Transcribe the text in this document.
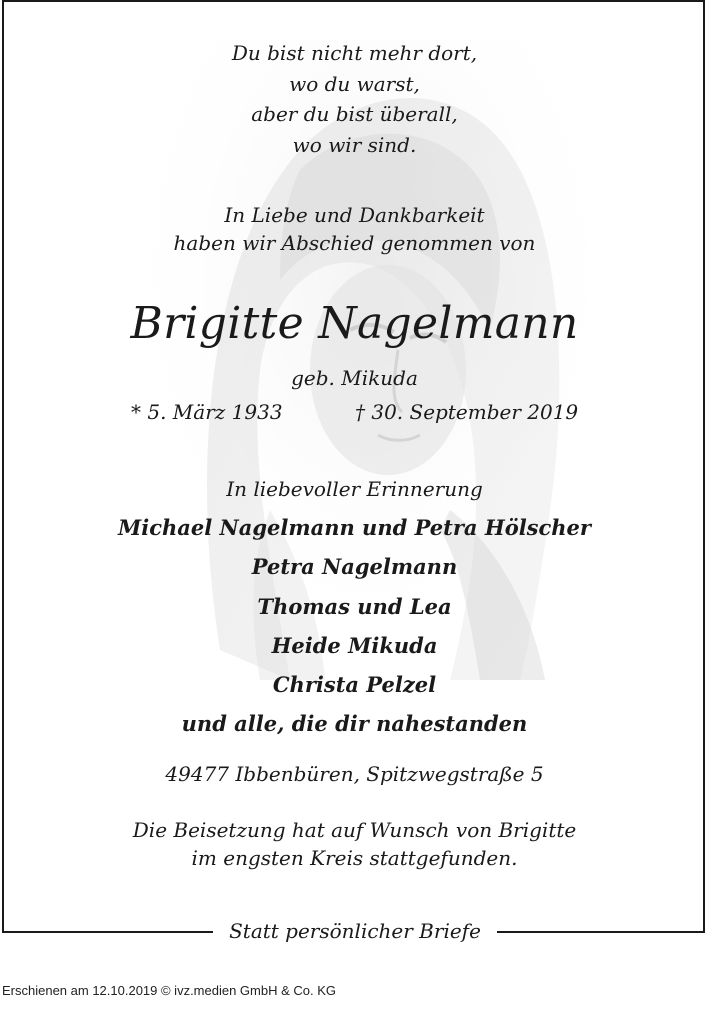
Du bist nicht mehr dort,
wo du warst,
aber du bist überall,
wo wir sind.
In Liebe und Dankbarkeit
haben wir Abschied genommen von
Brigitte Nagelmann
geb. Mikuda
* 5. März 1933	† 30. September 2019
In liebevoller Erinnerung
Michael Nagelmann und Petra Hölscher
Petra Nagelmann
Thomas und Lea
Heide Mikuda
Christa Pelzel
und alle, die dir nahestanden
49477 Ibbenbüren, Spitzwegstraße 5
Die Beisetzung hat auf Wunsch von Brigitte
im engsten Kreis stattgefunden.
Statt persönlicher Briefe
Erschienen am 12.10.2019 © ivz.medien GmbH & Co. KG
